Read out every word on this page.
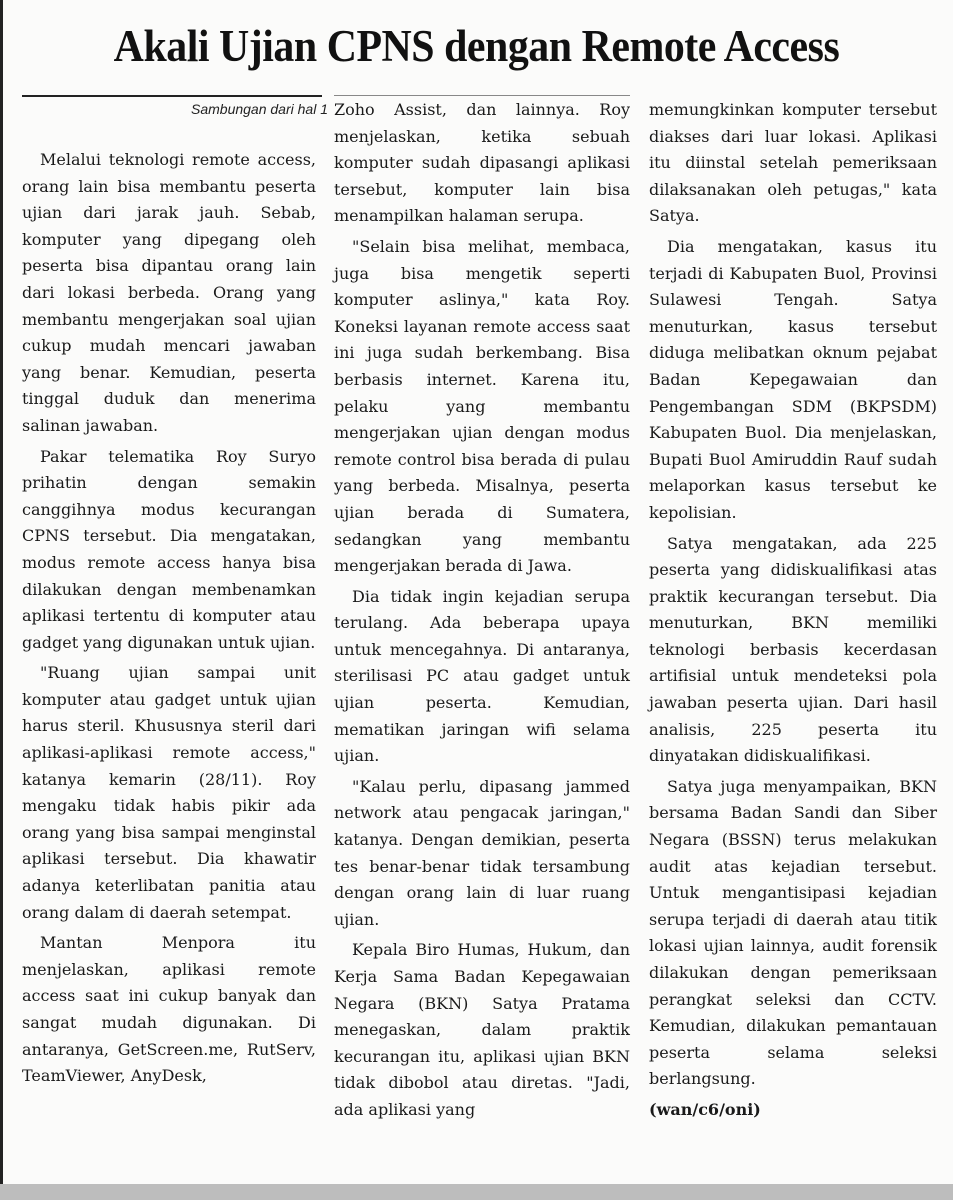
Akali Ujian CPNS dengan Remote Access
Sambungan dari hal 1

Melalui teknologi remote access, orang lain bisa membantu peserta ujian dari jarak jauh. Sebab, komputer yang dipegang oleh peserta bisa dipantau orang lain dari lokasi berbeda. Orang yang membantu mengerjakan soal ujian cukup mudah mencari jawaban yang benar. Kemudian, peserta tinggal duduk dan menerima salinan jawaban.

Pakar telematika Roy Suryo prihatin dengan semakin canggihnya modus kecurangan CPNS tersebut. Dia mengatakan, modus remote access hanya bisa dilakukan dengan membenamkan aplikasi tertentu di komputer atau gadget yang digunakan untuk ujian.

"Ruang ujian sampai unit komputer atau gadget untuk ujian harus steril. Khususnya steril dari aplikasi-aplikasi remote access," katanya kemarin (28/11). Roy mengaku tidak habis pikir ada orang yang bisa sampai menginstal aplikasi tersebut. Dia khawatir adanya keterlibatan panitia atau orang dalam di daerah setempat.

Mantan Menpora itu menjelaskan, aplikasi remote access saat ini cukup banyak dan sangat mudah digunakan. Di antaranya, GetScreen.me, RutServ, TeamViewer, AnyDesk,

Zoho Assist, dan lainnya. Roy menjelaskan, ketika sebuah komputer sudah dipasangi aplikasi tersebut, komputer lain bisa menampilkan halaman serupa.

"Selain bisa melihat, membaca, juga bisa mengetik seperti komputer aslinya," kata Roy. Koneksi layanan remote access saat ini juga sudah berkembang. Bisa berbasis internet. Karena itu, pelaku yang membantu mengerjakan ujian dengan modus remote control bisa berada di pulau yang berbeda. Misalnya, peserta ujian berada di Sumatera, sedangkan yang membantu mengerjakan berada di Jawa.

Dia tidak ingin kejadian serupa terulang. Ada beberapa upaya untuk mencegahnya. Di antaranya, sterilisasi PC atau gadget untuk ujian peserta. Kemudian, mematikan jaringan wifi selama ujian.

"Kalau perlu, dipasang jammed network atau pengacak jaringan," katanya. Dengan demikian, peserta tes benar-benar tidak tersambung dengan orang lain di luar ruang ujian.

Kepala Biro Humas, Hukum, dan Kerja Sama Badan Kepegawaian Negara (BKN) Satya Pratama menegaskan, dalam praktik kecurangan itu, aplikasi ujian BKN tidak dibobol atau diretas. "Jadi, ada aplikasi yang

memungkinkan komputer tersebut diakses dari luar lokasi. Aplikasi itu diinstal setelah pemeriksaan dilaksanakan oleh petugas," kata Satya.

Dia mengatakan, kasus itu terjadi di Kabupaten Buol, Provinsi Sulawesi Tengah. Satya menuturkan, kasus tersebut diduga melibatkan oknum pejabat Badan Kepegawaian dan Pengembangan SDM (BKPSDM) Kabupaten Buol. Dia menjelaskan, Bupati Buol Amiruddin Rauf sudah melaporkan kasus tersebut ke kepolisian.

Satya mengatakan, ada 225 peserta yang didiskualifikasi atas praktik kecurangan tersebut. Dia menuturkan, BKN memiliki teknologi berbasis kecerdasan artifisial untuk mendeteksi pola jawaban peserta ujian. Dari hasil analisis, 225 peserta itu dinyatakan didiskualifikasi.

Satya juga menyampaikan, BKN bersama Badan Sandi dan Siber Negara (BSSN) terus melakukan audit atas kejadian tersebut. Untuk mengantisipasi kejadian serupa terjadi di daerah atau titik lokasi ujian lainnya, audit forensik dilakukan dengan pemeriksaan perangkat seleksi dan CCTV. Kemudian, dilakukan pemantauan peserta selama seleksi berlangsung.

(wan/c6/oni)
